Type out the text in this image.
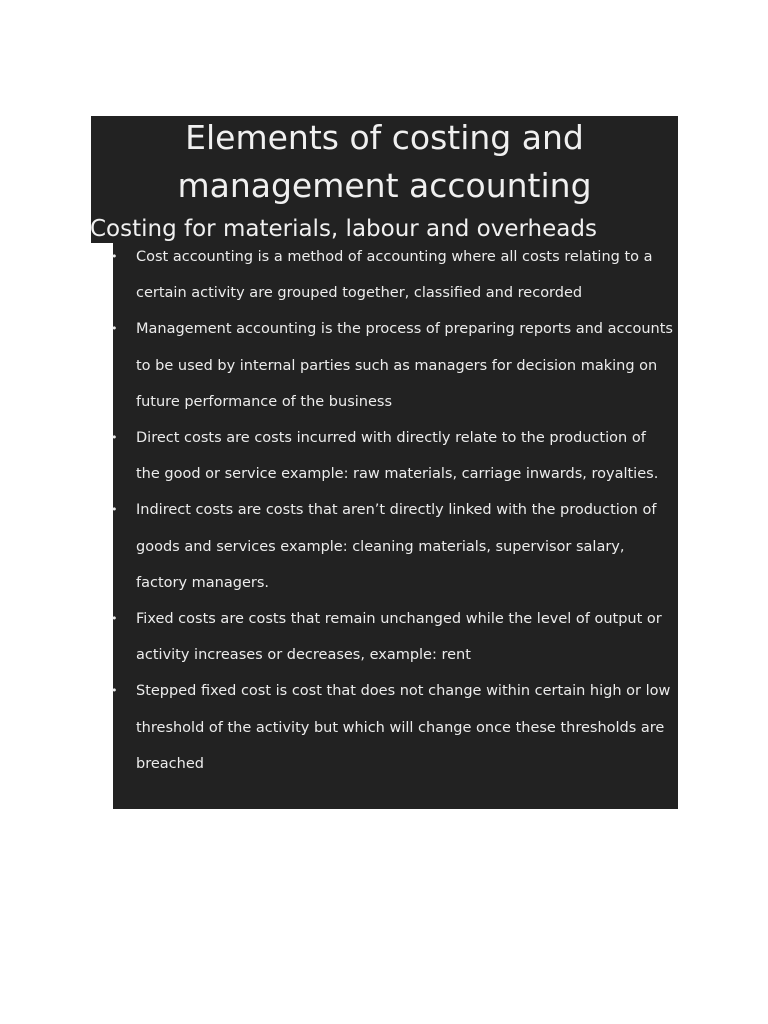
Elements of costing and management accounting
Costing for materials, labour and overheads
• Cost accounting is a method of accounting where all costs relating to a certain activity are grouped together, classified and recorded
• Management accounting is the process of preparing reports and accounts to be used by internal parties such as managers for decision making on future performance of the business
• Direct costs are costs incurred with directly relate to the production of the good or service example: raw materials, carriage inwards, royalties.
• Indirect costs are costs that aren’t directly linked with the production of goods and services example: cleaning materials, supervisor salary, factory managers.
• Fixed costs are costs that remain unchanged while the level of output or activity increases or decreases, example: rent
• Stepped fixed cost is cost that does not change within certain high or low threshold of the activity but which will change once these thresholds are breached
